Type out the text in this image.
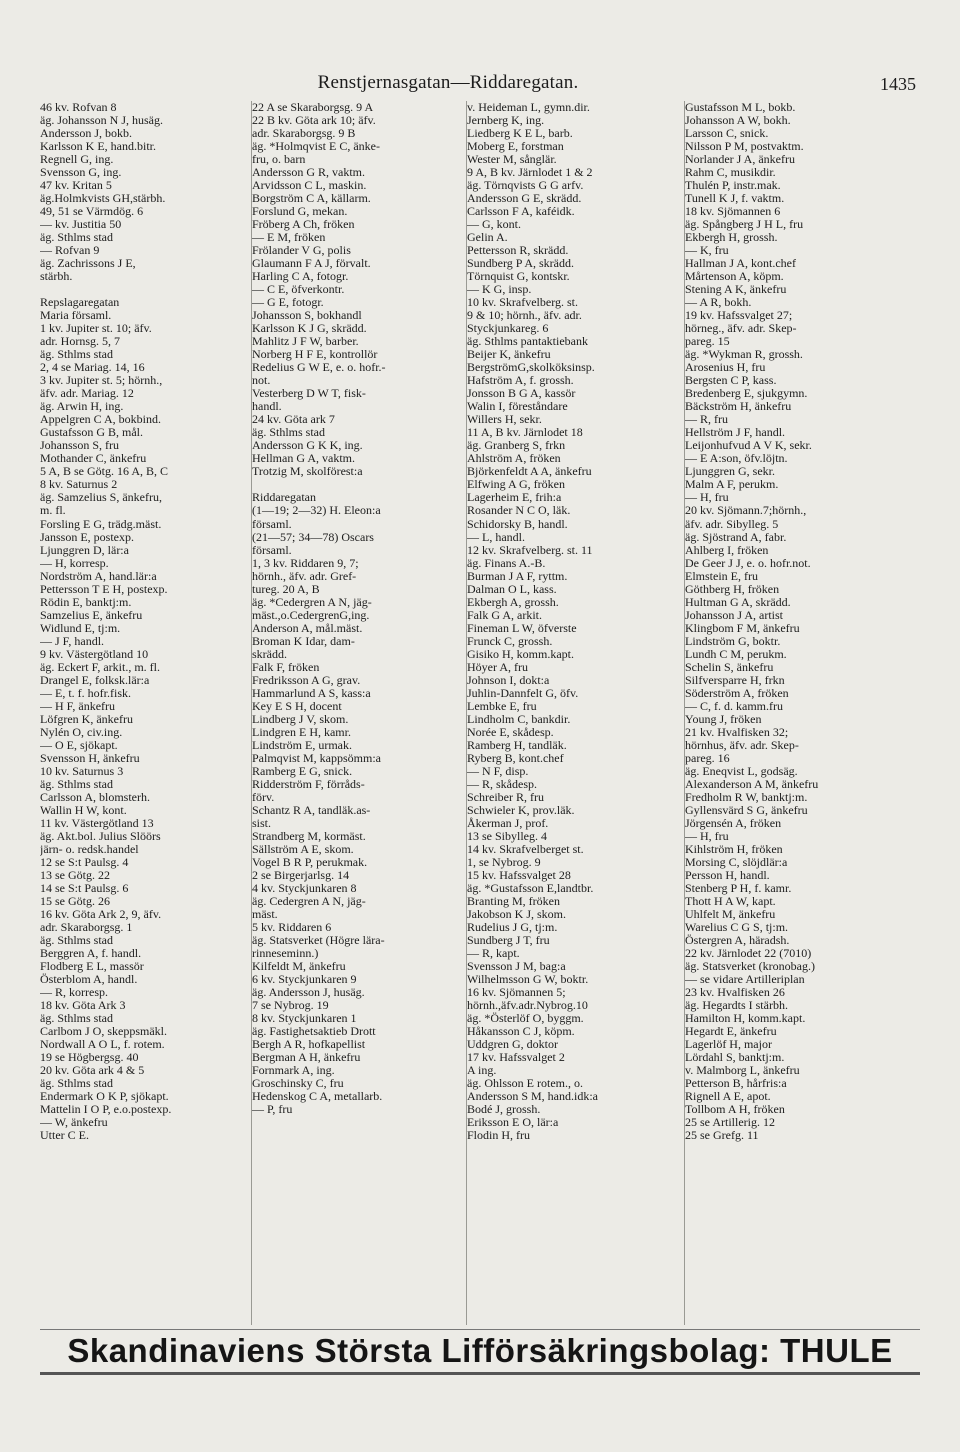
Renstjernasgatan—Riddaregatan.	1435
46 kv. Rofvan 8
äg. Johansson N J, husäg.
Andersson J, bokb.
Karlsson K E, hand.bitr.
Regnell G, ing.
Svensson G, ing.
47 kv. Kritan 5
äg.Holmkvists GH,stärbh.
49, 51 se Värmdög. 6
— kv. Justitia 50
äg. Sthlms stad
— Rofvan 9
äg. Zachrissons J E,
stärbh.
Repslagaregatan
Maria församl.
1 kv. Jupiter st. 10; äfv.
adr. Hornsg. 5, 7
äg. Sthlms stad
2, 4 se Mariag. 14, 16
3 kv. Jupiter st. 5; hörnh.,
äfv. adr. Mariag. 12
äg. Arwin H, ing.
Appelgren C A, bokbind.
Gustafsson G B, mål.
Johansson S, fru
Mothander C, änkefru
5 A, B se Götg. 16 A, B, C
8 kv. Saturnus 2
äg. Samzelius S, änkefru,
m. fl.
Forsling E G, trädg.mäst.
Jansson E, postexp.
Ljunggren D, lär:a
— H, korresp.
Nordström A, hand.lär:a
Pettersson T E H, postexp.
Rödin E, banktj:m.
Samzelius E, änkefru
Widlund E, tj:m.
— J F, handl.
9 kv. Västergötland 10
äg. Eckert F, arkit., m. fl.
Drangel E, folksk.lär:a
— E, t. f. hofr.fisk.
— H F, änkefru
Löfgren K, änkefru
Nylén O, civ.ing.
— O E, sjökapt.
Svensson H, änkefru
10 kv. Saturnus 3
äg. Sthlms stad
Carlsson A, blomsterh.
Wallin H W, kont.
11 kv. Västergötland 13
äg. Akt.bol. Julius Slöörs
järn- o. redsk.handel
12 se S:t Paulsg. 4
13 se Götg. 22
14 se S:t Paulsg. 6
15 se Götg. 26
16 kv. Göta Ark 2, 9, äfv.
adr. Skaraborgsg. 1
äg. Sthlms stad
Berggren A, f. handl.
Flodberg E L, massör
Österblom A, handl.
— R, korresp.
18 kv. Göta Ark 3
äg. Sthlms stad
Carlbom J O, skeppsmäkl.
Nordwall A O L, f. rotem.
19 se Högbergsg. 40
20 kv. Göta ark 4 & 5
äg. Sthlms stad
Endermark O K P, sjökapt.
Mattelin I O P, e.o.postexp.
— W, änkefru
Utter C E.
22 A se Skaraborgsg. 9 A
22 B kv. Göta ark 10; äfv.
adr. Skaraborgsg. 9 B
äg. *Holmqvist E C, änke-
fru, o. barn
Andersson G R, vaktm.
Arvidsson C L, maskin.
Borgström C A, källarm.
Forslund G, mekan.
Fröberg A Ch, fröken
— E M, fröken
Frölander V G, polis
Glaumann F A J, förvalt.
Harling C A, fotogr.
— C E, öfverkontr.
— G E, fotogr.
Johansson S, bokhandl
Karlsson K J G, skrädd.
Mahlitz J F W, barber.
Norberg H F E, kontrollör
Redelius G W E, e. o. hofr.-
not.
Vesterberg D W T, fisk-
handl.
24 kv. Göta ark 7
äg. Sthlms stad
Andersson G K K, ing.
Hellman G A, vaktm.
Trotzig M, skolförest:a
Riddaregatan
(1—19; 2—32) H. Eleon:a
församl.
(21—57; 34—78) Oscars
församl.
1, 3 kv. Riddaren 9, 7;
hörnh., äfv. adr. Gref-
tureg. 20 A, B
äg. *Cedergren A N, jäg-
mäst.,o.CedergrenG,ing.
Anderson A, mål.mäst.
Broman K Idar, dam-
skrädd.
Falk F, fröken
Fredriksson A G, grav.
Hammarlund A S, kass:a
Key E S H, docent
Lindberg J V, skom.
Lindgren E H, kamr.
Lindström E, urmak.
Palmqvist M, kappsömm:a
Ramberg E G, snick.
Ridderström F, förråds-
förv.
Schantz R A, tandläk.as-
sist.
Strandberg M, kormäst.
Sällström A E, skom.
Vogel B R P, perukmak.
2 se Birgerjarlsg. 14
4 kv. Styckjunkaren 8
äg. Cedergren A N, jäg-
mäst.
5 kv. Riddaren 6
äg. Statsverket (Högre lära-
rinneseminn.)
Kilfeldt M, änkefru
6 kv. Styckjunkaren 9
äg. Andersson J, husäg.
7 se Nybrog. 19
8 kv. Styckjunkaren 1
äg. Fastighetsaktieb Drott
Bergh A R, hofkapellist
Bergman A H, änkefru
Fornmark A, ing.
Groschinsky C, fru
Hedenskog C A, metallarb.
— P, fru
v. Heideman L, gymn.dir.
Jernberg K, ing.
Liedberg K E L, barb.
Moberg E, forstman
Wester M, sånglär.
9 A, B kv. Järnlodet 1 & 2
äg. Törnqvists G G arfv.
Andersson G E, skrädd.
Carlsson F A, kaféidk.
— G, kont.
Gelin A.
Pettersson R, skrädd.
Sundberg P A, skrädd.
Törnquist G, kontskr.
— K G, insp.
10 kv. Skrafvelberg. st.
9 & 10; hörnh., äfv. adr.
Styckjunkareg. 6
äg. Sthlms pantaktiebank
Beijer K, änkefru
BergströmG,skolköksinsp.
Hafström A, f. grossh.
Jonsson B G A, kassör
Walin I, föreståndare
Willers H, sekr.
11 A, B kv. Järnlodet 18
äg. Granberg S, frkn
Ahlström A, fröken
Björkenfeldt A A, änkefru
Elfwing A G, fröken
Lagerheim E, frih:a
Rosander N C O, läk.
Schidorsky B, handl.
— L, handl.
12 kv. Skrafvelberg. st. 11
äg. Finans A.-B.
Burman J A F, ryttm.
Dalman O L, kass.
Ekbergh A, grossh.
Falk G A, arkit.
Fineman L W, öfverste
Frunck C, grossh.
Gisiko H, komm.kapt.
Höyer A, fru
Johnson I, dokt:a
Juhlin-Dannfelt G, öfv.
Lembke E, fru
Lindholm C, bankdir.
Norée E, skådesp.
Ramberg H, tandläk.
Ryberg B, kont.chef
— N F, disp.
— R, skådesp.
Schreiber R, fru
Schwieler K, prov.läk.
Åkerman J, prof.
13 se Sibylleg. 4
14 kv. Skrafvelberget st.
1, se Nybrog. 9
15 kv. Hafssvalget 28
äg. *Gustafsson E,landtbr.
Branting M, fröken
Jakobson K J, skom.
Rudelius J G, tj:m.
Sundberg J T, fru
— R, kapt.
Svensson J M, bag:a
Wilhelmsson G W, boktr.
16 kv. Sjömannen 5;
hörnh.,äfv.adr.Nybrog.10
äg. *Österlöf O, byggm.
Håkansson C J, köpm.
Uddgren G, doktor
17 kv. Hafssvalget 2
A ing.
äg. Ohlsson E rotem., o.
Andersson S M, hand.idk:a
Bodé J, grossh.
Eriksson E O, lär:a
Flodin H, fru
Gustafsson M L, bokb.
Johansson A W, bokh.
Larsson C, snick.
Nilsson P M, postvaktm.
Norlander J A, änkefru
Rahm C, musikdir.
Thulén P, instr.mak.
Tunell K J, f. vaktm.
18 kv. Sjömannen 6
äg. Spångberg J H L, fru
Ekbergh H, grossh.
— K, fru
Hallman J A, kont.chef
Mårtenson A, köpm.
Stening A K, änkefru
— A R, bokh.
19 kv. Hafssvalget 27;
hörneg., äfv. adr. Skep-
pareg. 15
äg. *Wykman R, grossh.
Arosenius H, fru
Bergsten C P, kass.
Bredenberg E, sjukgymn.
Bäckström H, änkefru
— R, fru
Hellström J F, handl.
Leijonhufvud A V K, sekr.
— E A:son, öfv.löjtn.
Ljunggren G, sekr.
Malm A F, perukm.
— H, fru
20 kv. Sjömann.7;hörnh.,
äfv. adr. Sibylleg. 5
äg. Sjöstrand A, fabr.
Ahlberg I, fröken
De Geer J J, e. o. hofr.not.
Elmstein E, fru
Göthberg H, fröken
Hultman G A, skrädd.
Johansson J A, artist
Klingbom F M, änkefru
Lindström G, boktr.
Lundh C M, perukm.
Schelin S, änkefru
Silfversparre H, frkn
Söderström A, fröken
— C, f. d. kamm.fru
Young J, fröken
21 kv. Hvalfisken 32;
hörnhus, äfv. adr. Skep-
pareg. 16
äg. Eneqvist L, godsäg.
Alexanderson A M, änkefru
Fredholm R W, banktj:m.
Gyllensvärd S G, änkefru
Jörgensén A, fröken
— H, fru
Kihlström H, fröken
Morsing C, slöjdlär:a
Persson H, handl.
Stenberg P H, f. kamr.
Thott H A W, kapt.
Uhlfelt M, änkefru
Warelius C G S, tj:m.
Östergren A, häradsh.
22 kv. Järnlodet 22 (7010)
äg. Statsverket (kronobag.)
— se vidare Artilleriplan
23 kv. Hvalfisken 26
äg. Hegardts I stärbh.
Hamilton H, komm.kapt.
Hegardt E, änkefru
Lagerlöf H, major
Lördahl S, banktj:m.
v. Malmborg L, änkefru
Petterson B, hårfris:a
Rignell A E, apot.
Tollbom A H, fröken
25 se Artillerig. 12
25 se Grefg. 11
Skandinaviens Största Lifförsäkringsbolag: THULE
